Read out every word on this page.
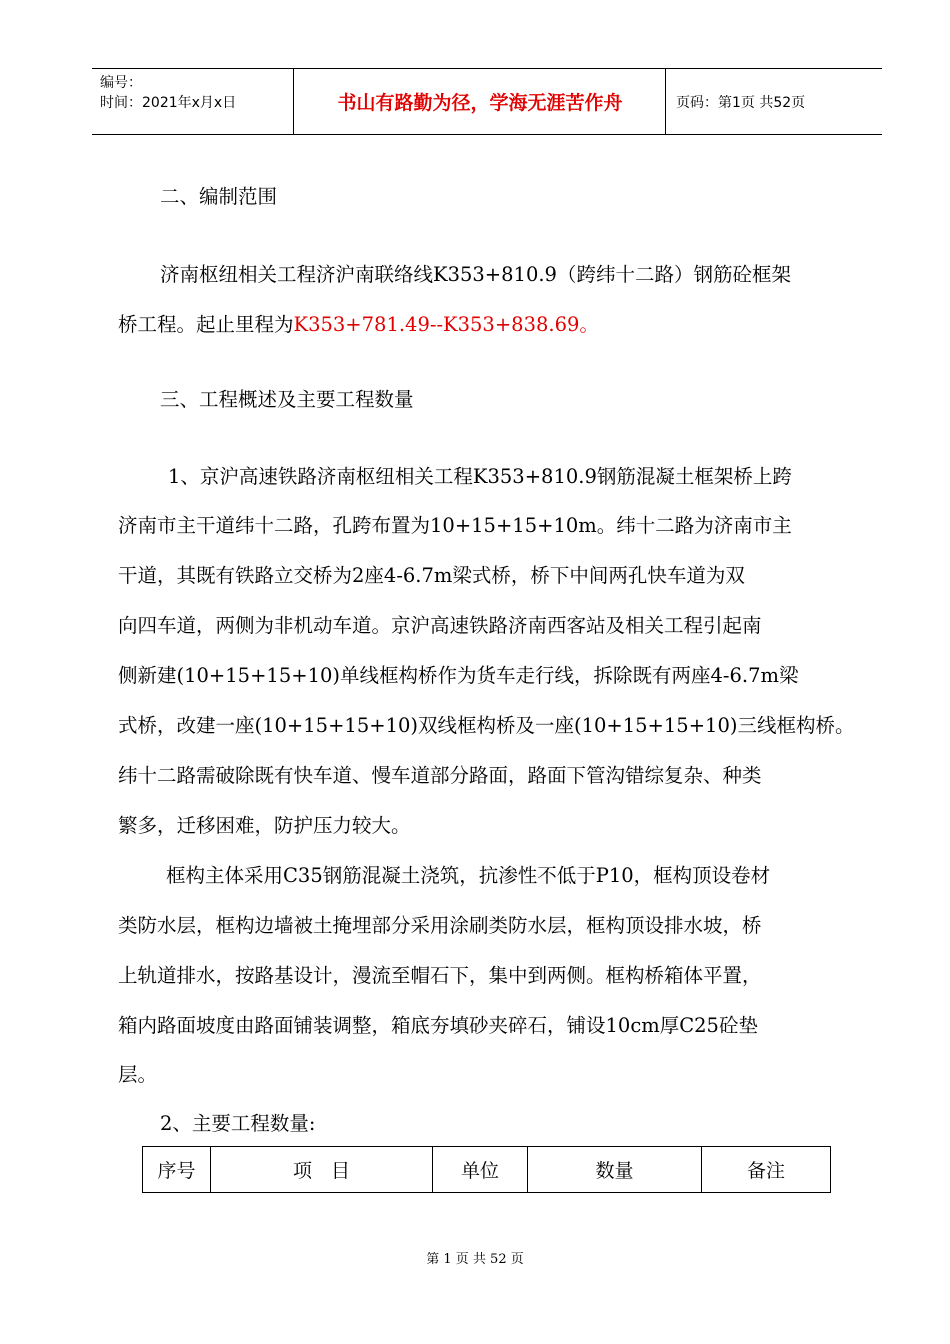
编号：
时间：2021年x月x日	书山有路勤为径，学海无涯苦作舟	页码：第1页 共52页
二、编制范围
济南枢纽相关工程济沪南联络线K353+810.9（跨纬十二路）钢筋砼框架
桥工程。起止里程为K353+781.49--K353+838.69。
三、工程概述及主要工程数量
1、京沪高速铁路济南枢纽相关工程K353+810.9钢筋混凝土框架桥上跨
济南市主干道纬十二路，孔跨布置为10+15+15+10m。纬十二路为济南市主
干道，其既有铁路立交桥为2座4-6.7m梁式桥，桥下中间两孔快车道为双
向四车道，两侧为非机动车道。京沪高速铁路济南西客站及相关工程引起南
侧新建(10+15+15+10)单线框构桥作为货车走行线，拆除既有两座4-6.7m梁
式桥，改建一座(10+15+15+10)双线框构桥及一座(10+15+15+10)三线框构桥。
纬十二路需破除既有快车道、慢车道部分路面，路面下管沟错综复杂、种类
繁多，迁移困难，防护压力较大。
框构主体采用C35钢筋混凝土浇筑，抗渗性不低于P10，框构顶设卷材
类防水层，框构边墙被土掩埋部分采用涂刷类防水层，框构顶设排水坡，桥
上轨道排水，按路基设计，漫流至帽石下，集中到两侧。框构桥箱体平置，
箱内路面坡度由路面铺装调整，箱底夯填砂夹碎石，铺设10cm厚C25砼垫
层。
2、主要工程数量:
序号	项　目	单位	数量	备注
第 1 页 共 52 页
